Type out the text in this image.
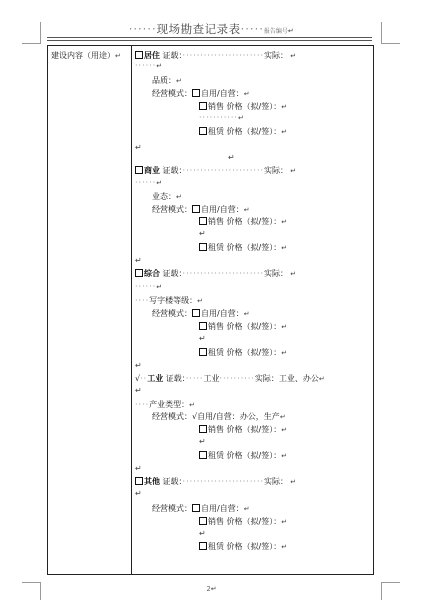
······现场勘查记录表·····报告编号↵
建设内容（用途）↵	居住 证载：·······················实际： ↵
······↵
品质：↵
经营模式： 自用/自营：↵
销售 价格（拟/签）：↵
···········↵
租赁 价格（拟/签）：↵
↵
↵
商业 证载：·······················实际： ↵
······↵
业态：↵
经营模式： 自用/自营：↵
销售 价格（拟/签）：↵
↵
租赁 价格（拟/签）：↵
↵
综合 证载：·······················实际： ↵
······↵
····写字楼等级：↵
经营模式： 自用/自营：↵
销售 价格（拟/签）：↵
↵
租赁 价格（拟/签）：↵
↵
√··工业 证载：·····工业··········实际：工业、办公↵
↵
····产业类型：↵
经营模式：√自用/自营：办公，生产↵
销售 价格（拟/签）：↵
↵
租赁 价格（拟/签）：↵
↵
其他 证载：·······················实际： ↵
↵
经营模式： 自用/自营：↵
销售 价格（拟/签）：↵
↵
租赁 价格（拟/签）：↵
2↵
